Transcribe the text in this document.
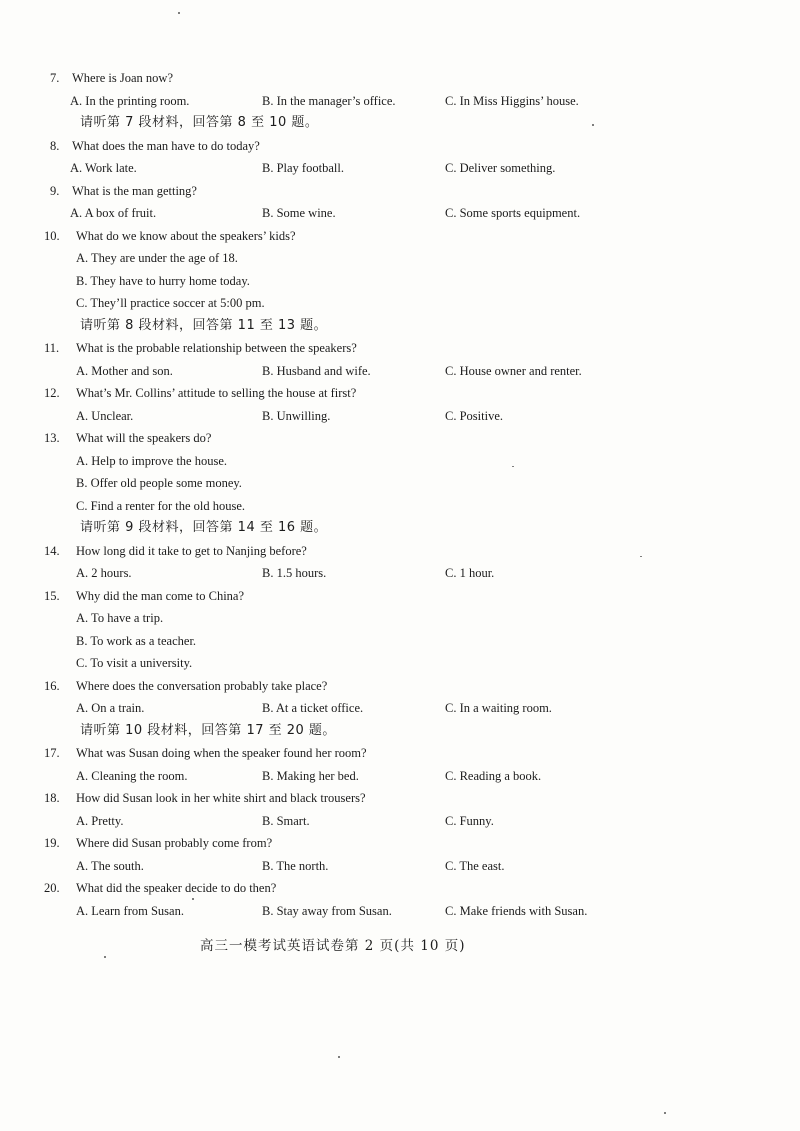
7. Where is Joan now?
A. In the printing room.	B. In the manager’s office.	C. In Miss Higgins’ house.
请听第 7 段材料，回答第 8 至 10 题。
8. What does the man have to do today?
A. Work late.	B. Play football.	C. Deliver something.
9. What is the man getting?
A. A box of fruit.	B. Some wine.	C. Some sports equipment.
10. What do we know about the speakers’ kids?
A. They are under the age of 18.
B. They have to hurry home today.
C. They’ll practice soccer at 5:00 pm.
请听第 8 段材料，回答第 11 至 13 题。
11. What is the probable relationship between the speakers?
A. Mother and son.	B. Husband and wife.	C. House owner and renter.
12. What’s Mr. Collins’ attitude to selling the house at first?
A. Unclear.	B. Unwilling.	C. Positive.
13. What will the speakers do?
A. Help to improve the house.
B. Offer old people some money.
C. Find a renter for the old house.
请听第 9 段材料，回答第 14 至 16 题。
14. How long did it take to get to Nanjing before?
A. 2 hours.	B. 1.5 hours.	C. 1 hour.
15. Why did the man come to China?
A. To have a trip.
B. To work as a teacher.
C. To visit a university.
16. Where does the conversation probably take place?
A. On a train.	B. At a ticket office.	C. In a waiting room.
请听第 10 段材料，回答第 17 至 20 题。
17. What was Susan doing when the speaker found her room?
A. Cleaning the room.	B. Making her bed.	C. Reading a book.
18. How did Susan look in her white shirt and black trousers?
A. Pretty.	B. Smart.	C. Funny.
19. Where did Susan probably come from?
A. The south.	B. The north.	C. The east.
20. What did the speaker decide to do then?
A. Learn from Susan.	B. Stay away from Susan.	C. Make friends with Susan.
高三一模考试英语试卷第 2 页(共 10 页)
